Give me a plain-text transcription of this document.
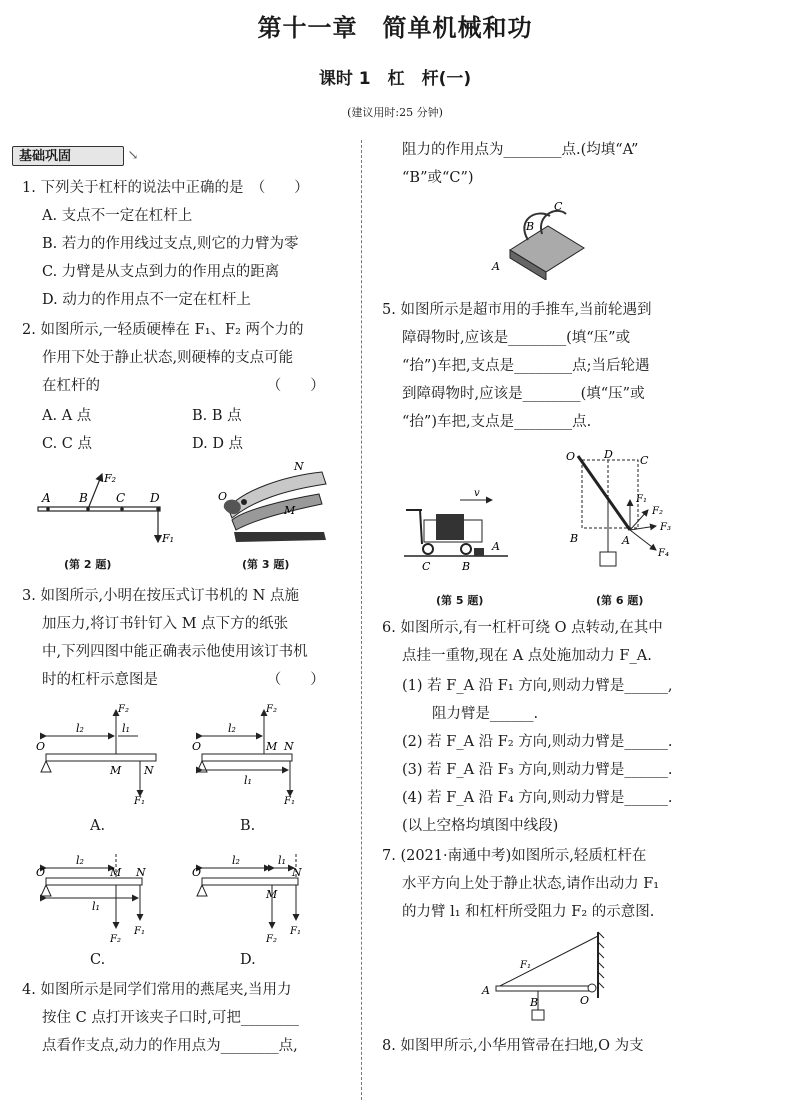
第十一章　简单机械和功
课时 1　杠　杆(一)
(建议用时:25 分钟)
基础巩固	↘
1. 下列关于杠杆的说法中正确的是　（　　）
A. 支点不一定在杠杆上
B. 若力的作用线过支点,则它的力臂为零
C. 力臂是从支点到力的作用点的距离
D. 动力的作用点不一定在杠杆上
2. 如图所示,一轻质硬棒在 F₁、F₂ 两个力的
作用下处于静止状态,则硬棒的支点可能
在杠杆的　　　　　　　　　　　　（　　）
A. A 点	B. B 点
C. C 点	D. D 点
A B C D
F₂
F₁
(第 2 题)
N
O
M
(第 3 题)
3. 如图所示,小明在按压式订书机的 N 点施
加压力,将订书针钉入 M 点下方的纸张
中,下列四图中能正确表示他使用该订书机
时的杠杆示意图是　　　　　　　　（　　）
O
l₂	l₁
F₂
M N
F₁
A.
O
l₂
l₁
F₂
M N
F₁
B.
O
l₂
l₁
M N
F₂
F₁
C.
O
l₂	l₁
M
N
F₂
F₁
D.
4. 如图所示是同学们常用的燕尾夹,当用力
按住 C 点打开该夹子口时,可把________
点看作支点,动力的作用点为________点,
阻力的作用点为________点.(均填“A”
“B”或“C”)
A
B
C
5. 如图所示是超市用的手推车,当前轮遇到
障碍物时,应该是________(填“压”或
“抬”)车把,支点是________点;当后轮遇
到障碍物时,应该是________(填“压”或
“抬”)车把,支点是________点.
v
A
C	B
(第 5 题)
O	D C
B	A
F₁
F₂
F₃
F₄
(第 6 题)
6. 如图所示,有一杠杆可绕 O 点转动,在其中
点挂一重物,现在 A 点处施加动力 F_A.
(1) 若 F_A 沿 F₁ 方向,则动力臂是______,
阻力臂是______.
(2) 若 F_A 沿 F₂ 方向,则动力臂是______.
(3) 若 F_A 沿 F₃ 方向,则动力臂是______.
(4) 若 F_A 沿 F₄ 方向,则动力臂是______.
(以上空格均填图中线段)
7. (2021·南通中考)如图所示,轻质杠杆在
水平方向上处于静止状态,请作出动力 F₁
的力臂 l₁ 和杠杆所受阻力 F₂ 的示意图.
A
F₁
B	O
8. 如图甲所示,小华用管帚在扫地,O 为支
